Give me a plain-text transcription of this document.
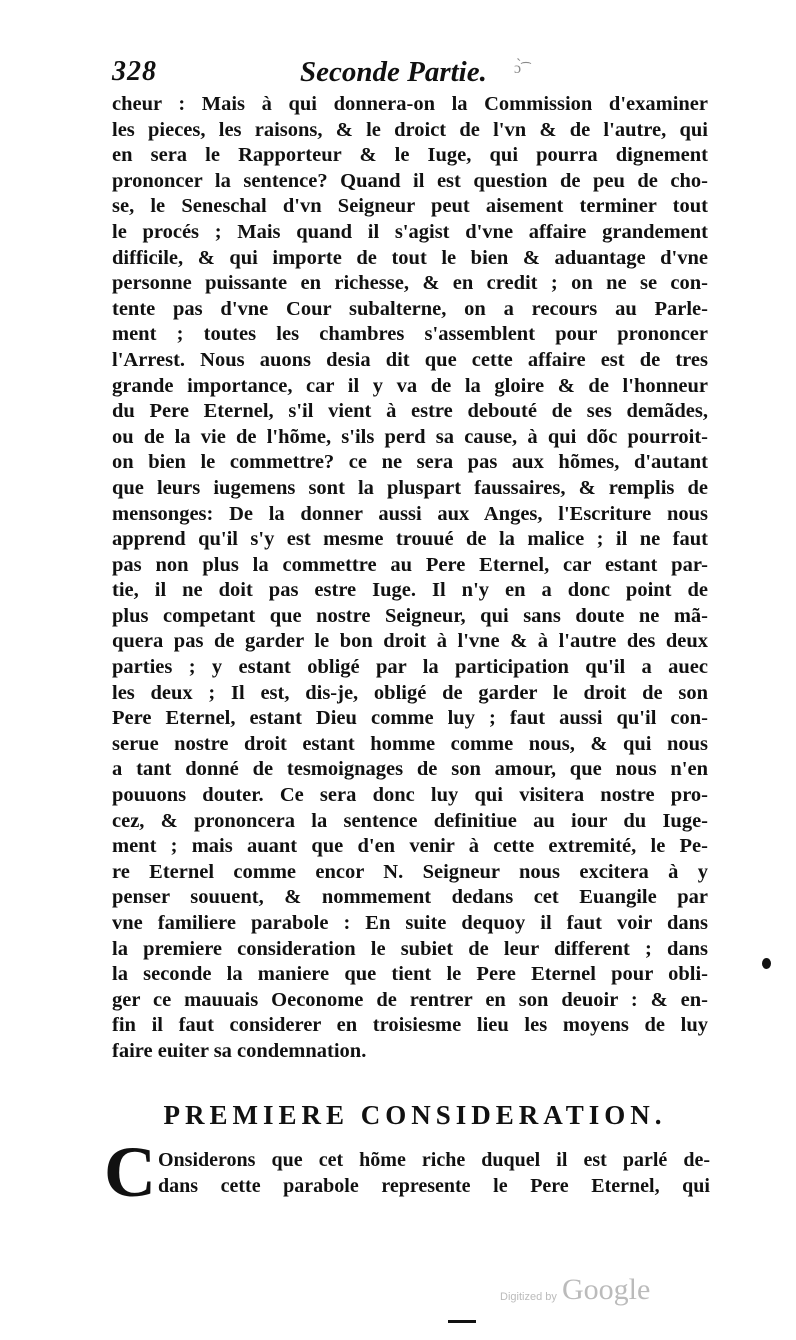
328	Seconde Partie. ɔ̀͡
cheur : Mais à qui donnera-on la Commission d'examiner
les pieces, les raisons, & le droict de l'vn & de l'autre, qui
en sera le Rapporteur & le Iuge, qui pourra dignement
prononcer la sentence? Quand il est question de peu de cho-
se, le Seneschal d'vn Seigneur peut aisement terminer tout
le procés ; Mais quand il s'agist d'vne affaire grandement
difficile, & qui importe de tout le bien & aduantage d'vne
personne puissante en richesse, & en credit ; on ne se con-
tente pas d'vne Cour subalterne, on a recours au Parle-
ment ; toutes les chambres s'assemblent pour prononcer
l'Arrest. Nous auons desia dit que cette affaire est de tres
grande importance, car il y va de la gloire & de l'honneur
du Pere Eternel, s'il vient à estre debouté de ses demãdes,
ou de la vie de l'hõme, s'ils perd sa cause, à qui dõc pourroit-
on bien le commettre? ce ne sera pas aux hõmes, d'autant
que leurs iugemens sont la pluspart faussaires, & remplis de
mensonges: De la donner aussi aux Anges, l'Escriture nous
apprend qu'il s'y est mesme trouué de la malice ; il ne faut
pas non plus la commettre au Pere Eternel, car estant par-
tie, il ne doit pas estre Iuge. Il n'y en a donc point de
plus competant que nostre Seigneur, qui sans doute ne mã-
quera pas de garder le bon droit à l'vne & à l'autre des deux
parties ; y estant obligé par la participation qu'il a auec
les deux ; Il est, dis-je, obligé de garder le droit de son
Pere Eternel, estant Dieu comme luy ; faut aussi qu'il con-
serue nostre droit estant homme comme nous, & qui nous
a tant donné de tesmoignages de son amour, que nous n'en
pouuons douter. Ce sera donc luy qui visitera nostre pro-
cez, & prononcera la sentence definitiue au iour du Iuge-
ment ; mais auant que d'en venir à cette extremité, le Pe-
re Eternel comme encor N. Seigneur nous excitera à y
penser souuent, & nommement dedans cet Euangile par
vne familiere parabole : En suite dequoy il faut voir dans
la premiere consideration le subiet de leur different ; dans
la seconde la maniere que tient le Pere Eternel pour obli-
ger ce mauuais Oeconome de rentrer en son deuoir : & en-
fin il faut considerer en troisiesme lieu les moyens de luy
faire euiter sa condemnation.
PREMIERE CONSIDERATION.
C Onsiderons que cet hõme riche duquel il est parlé de-
dans cette parabole represente le Pere Eternel, qui
Digitized by Google
